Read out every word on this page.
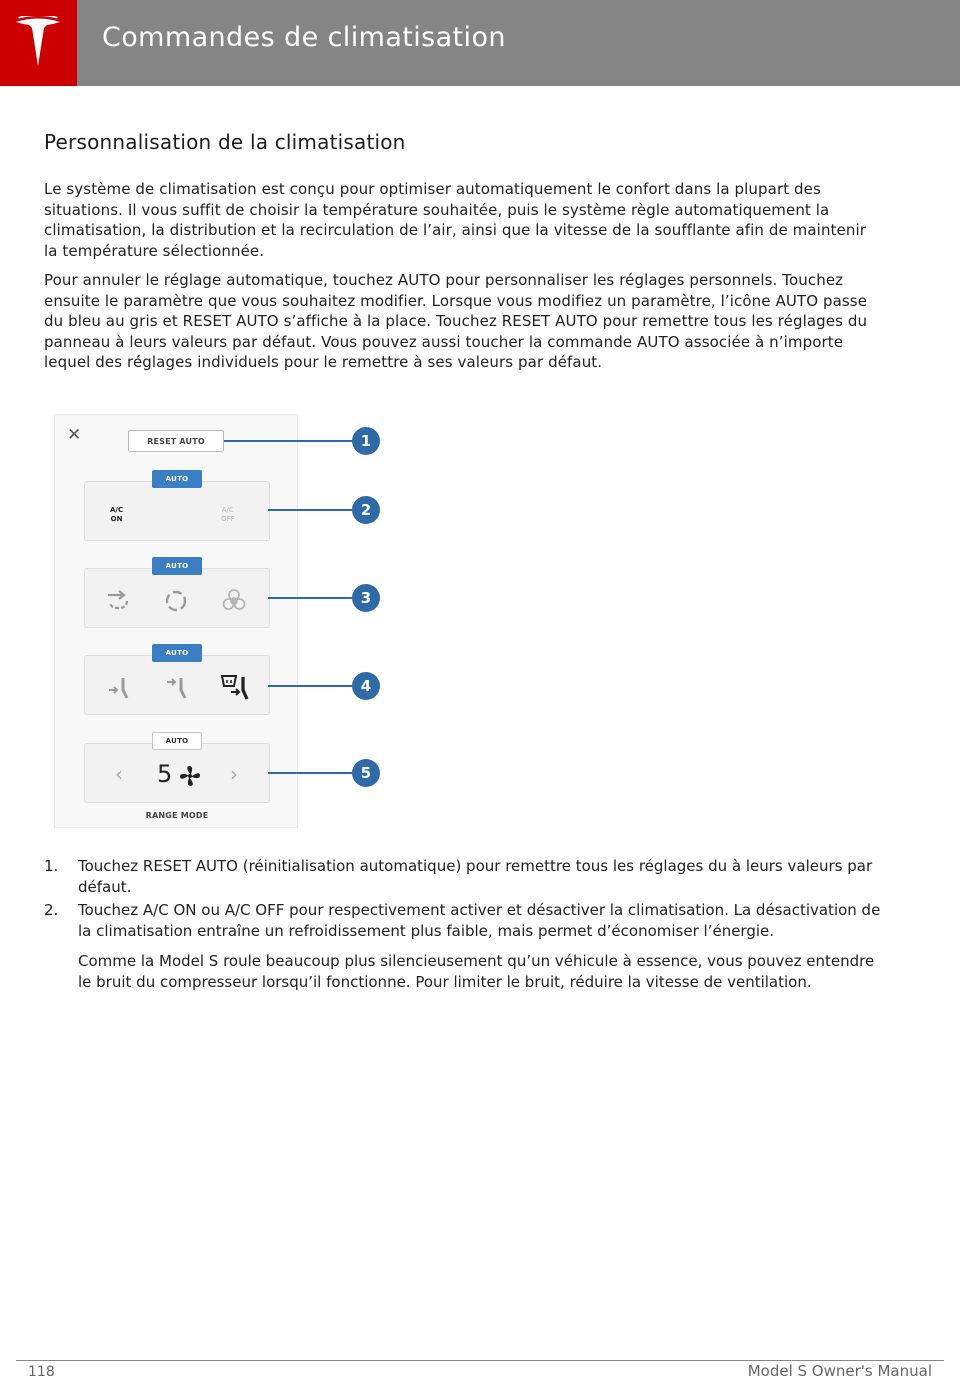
Commandes de climatisation
Personnalisation de la climatisation
Le système de climatisation est conçu pour optimiser automatiquement le confort dans la plupart des situations. Il vous suffit de choisir la température souhaitée, puis le système règle automatiquement la climatisation, la distribution et la recirculation de l’air, ainsi que la vitesse de la soufflante afin de maintenir la température sélectionnée.
Pour annuler le réglage automatique, touchez AUTO pour personnaliser les réglages personnels. Touchez ensuite le paramètre que vous souhaitez modifier. Lorsque vous modifiez un paramètre, l’icône AUTO passe du bleu au gris et RESET AUTO s’affiche à la place. Touchez RESET AUTO pour remettre tous les réglages du panneau à leurs valeurs par défaut. Vous pouvez aussi toucher la commande AUTO associée à n’importe lequel des réglages individuels pour le remettre à ses valeurs par défaut.
✕	RESET AUTO
AUTO
A/C
ON
A/C
OFF
AUTO
AUTO
AUTO
‹ 5	›
RANGE MODE
1
2
3
4
5
1. Touchez RESET AUTO (réinitialisation automatique) pour remettre tous les réglages du à leurs valeurs par défaut.
2. Touchez A/C ON ou A/C OFF pour respectivement activer et désactiver la climatisation. La désactivation de la climatisation entraîne un refroidissement plus faible, mais permet d’économiser l’énergie.
Comme la Model S roule beaucoup plus silencieusement qu’un véhicule à essence, vous pouvez entendre le bruit du compresseur lorsqu’il fonctionne. Pour limiter le bruit, réduire la vitesse de ventilation.
118	Model S Owner's Manual
